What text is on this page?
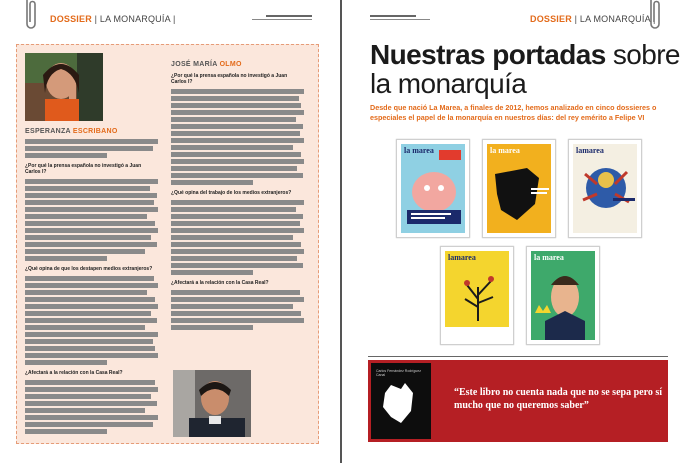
DOSSIER | LA MONARQUÍA |
ESPERANZA ESCRIBANO
¿Por qué la prensa española no investigó a Juan Carlos I?
¿Qué opina de que los destapen medios extranjeros?
¿Afectará a la relación con la Casa Real?
JOSÉ MARÍA OLMO
¿Por qué la prensa española no investigó a Juan Carlos I?
¿Qué opina del trabajo de los medios extranjeros?
¿Afectará a la relación con la Casa Real?
DOSSIER | LA MONARQUÍA |
Nuestras portadas sobre
la monarquía
Desde que nació La Marea, a finales de 2012, hemos analizado en cinco dossieres o especiales el papel de la monarquía en nuestros días: del rey emérito a Felipe VI
la marea	la marea	lamarea
lamarea	la marea
Carlos Fernández Rodríguez Canal
“Este libro no cuenta nada que no se sepa pero sí mucho que no queremos saber”
